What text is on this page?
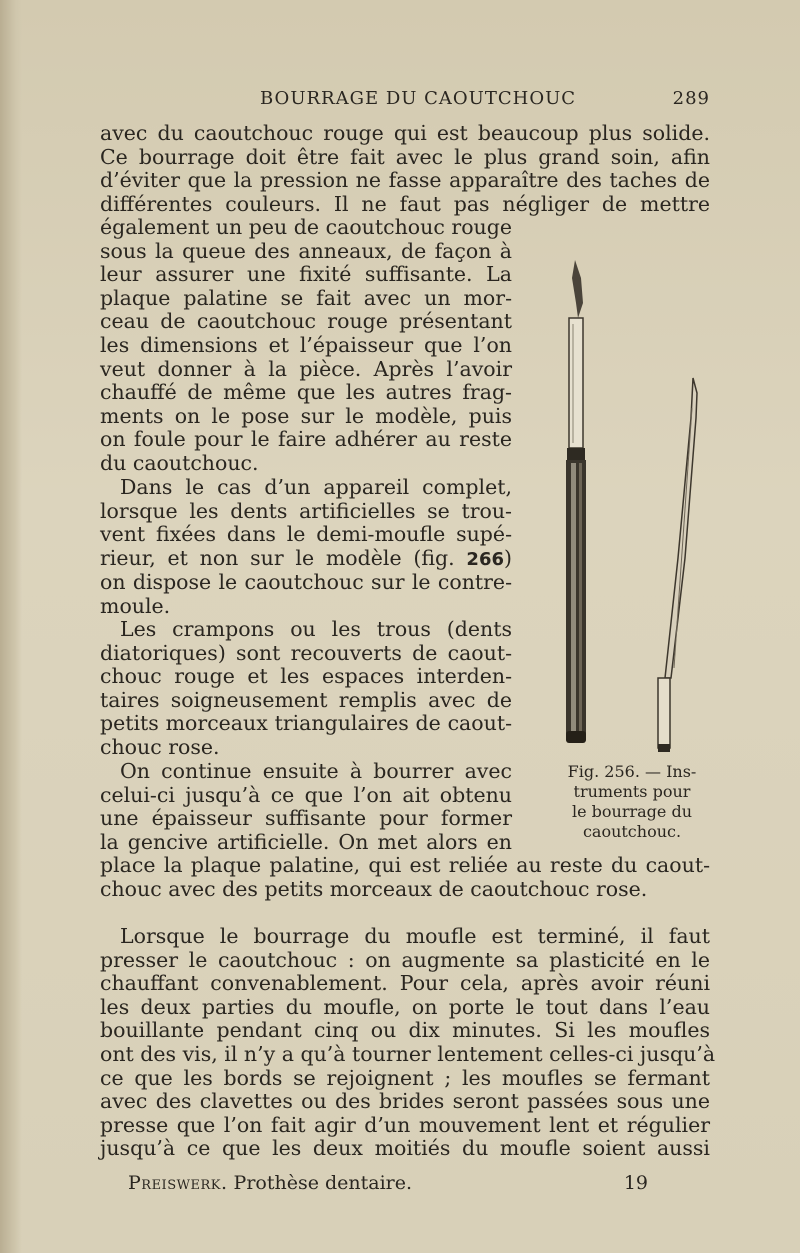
BOURRAGE DU CAOUTCHOUC	289
avec du caoutchouc rouge qui est beaucoup plus solide.
Ce bourrage doit être fait avec le plus grand soin, afin
d’éviter que la pression ne fasse apparaître des taches de
différentes couleurs. Il ne faut pas négliger de mettre
également un peu de caoutchouc rouge
sous la queue des anneaux, de façon à
leur assurer une fixité suffisante. La
plaque palatine se fait avec un mor-
ceau de caoutchouc rouge présentant
les dimensions et l’épaisseur que l’on
veut donner à la pièce. Après l’avoir
chauffé de même que les autres frag-
ments on le pose sur le modèle, puis
on foule pour le faire adhérer au reste
du caoutchouc.
Dans le cas d’un appareil complet,
lorsque les dents artificielles se trou-
vent fixées dans le demi-moufle supé-
rieur, et non sur le modèle (fig. 266)
on dispose le caoutchouc sur le contre-
moule.
Les crampons ou les trous (dents
diatoriques) sont recouverts de caout-
chouc rouge et les espaces interden-
taires soigneusement remplis avec de
petits morceaux triangulaires de caout-
chouc rose.
On continue ensuite à bourrer avec
celui-ci jusqu’à ce que l’on ait obtenu
une épaisseur suffisante pour former
la gencive artificielle. On met alors en
place la plaque palatine, qui est reliée au reste du caout-
chouc avec des petits morceaux de caoutchouc rose.
Lorsque le bourrage du moufle est terminé, il faut
presser le caoutchouc : on augmente sa plasticité en le
chauffant convenablement. Pour cela, après avoir réuni
les deux parties du moufle, on porte le tout dans l’eau
bouillante pendant cinq ou dix minutes. Si les moufles
ont des vis, il n’y a qu’à tourner lentement celles-ci jusqu’à
ce que les bords se rejoignent ; les moufles se fermant
avec des clavettes ou des brides seront passées sous une
presse que l’on fait agir d’un mouvement lent et régulier
jusqu’à ce que les deux moitiés du moufle soient aussi
Fig. 256. — Ins-
truments pour
le bourrage du
caoutchouc.
Preiswerk. Prothèse dentaire.	19
